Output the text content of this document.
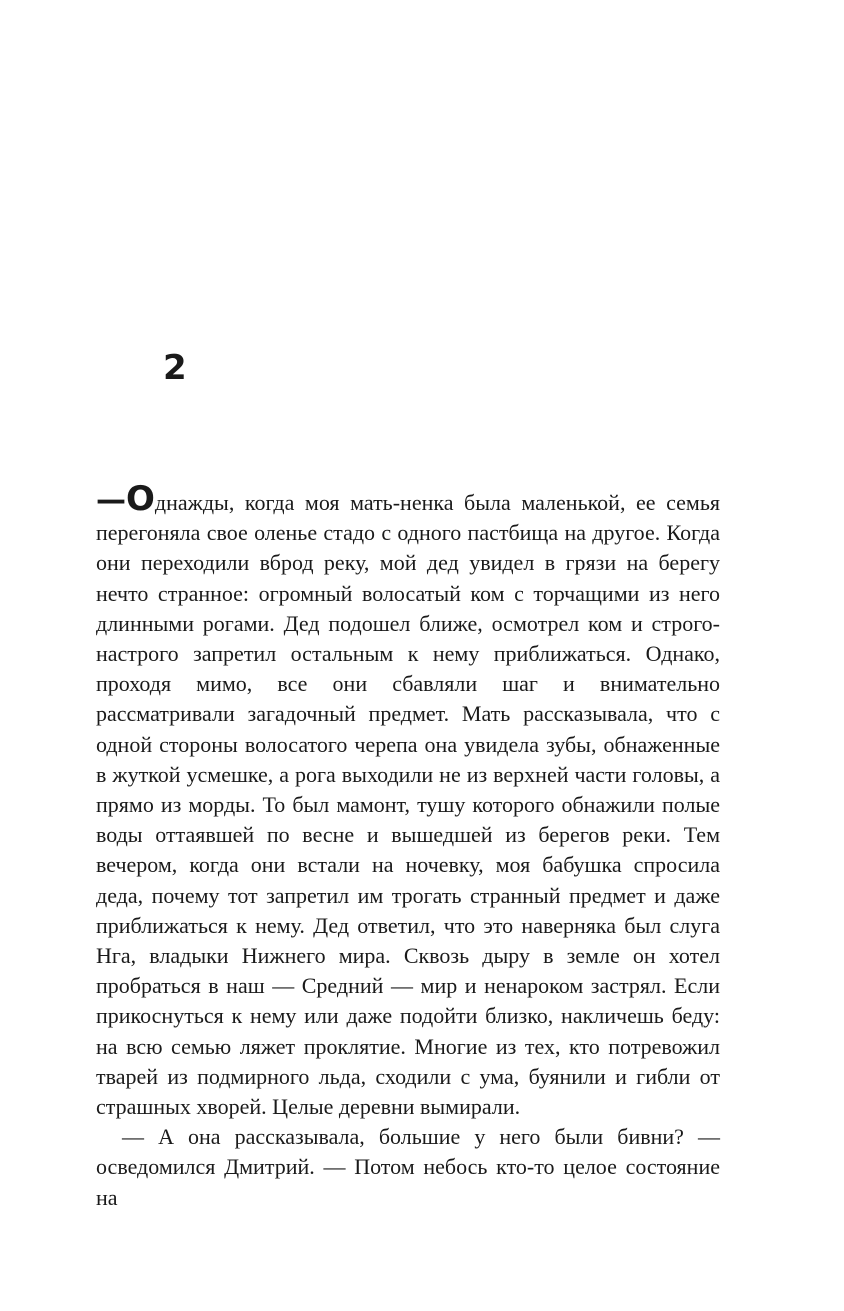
2

—Однажды, когда моя мать-ненка была маленькой, ее семья перегоняла свое оленье стадо с одного пастбища на другое. Когда они переходили вброд реку, мой дед увидел в грязи на берегу нечто странное: огромный волосатый ком с торчащими из него длинными рогами. Дед подошел ближе, осмотрел ком и строго-настрого запретил остальным к нему приближаться. Однако, проходя мимо, все они сбавляли шаг и внимательно рассматривали загадочный предмет. Мать рассказывала, что с одной стороны волосатого черепа она увидела зубы, обнаженные в жуткой усмешке, а рога выходили не из верхней части головы, а прямо из морды. То был мамонт, тушу которого обнажили полые воды оттаявшей по весне и вышедшей из берегов реки. Тем вечером, когда они встали на ночевку, моя бабушка спросила деда, почему тот запретил им трогать странный предмет и даже приближаться к нему. Дед ответил, что это наверняка был слуга Нга, владыки Нижнего мира. Сквозь дыру в земле он хотел пробраться в наш — Средний — мир и ненароком застрял. Если прикоснуться к нему или даже подойти близко, накличешь беду: на всю семью ляжет проклятие. Многие из тех, кто потревожил тварей из подмирного льда, сходили с ума, буянили и гибли от страшных хворей. Целые деревни вымирали.

— А она рассказывала, большие у него были бивни? — осведомился Дмитрий. — Потом небось кто-то целое состояние на
